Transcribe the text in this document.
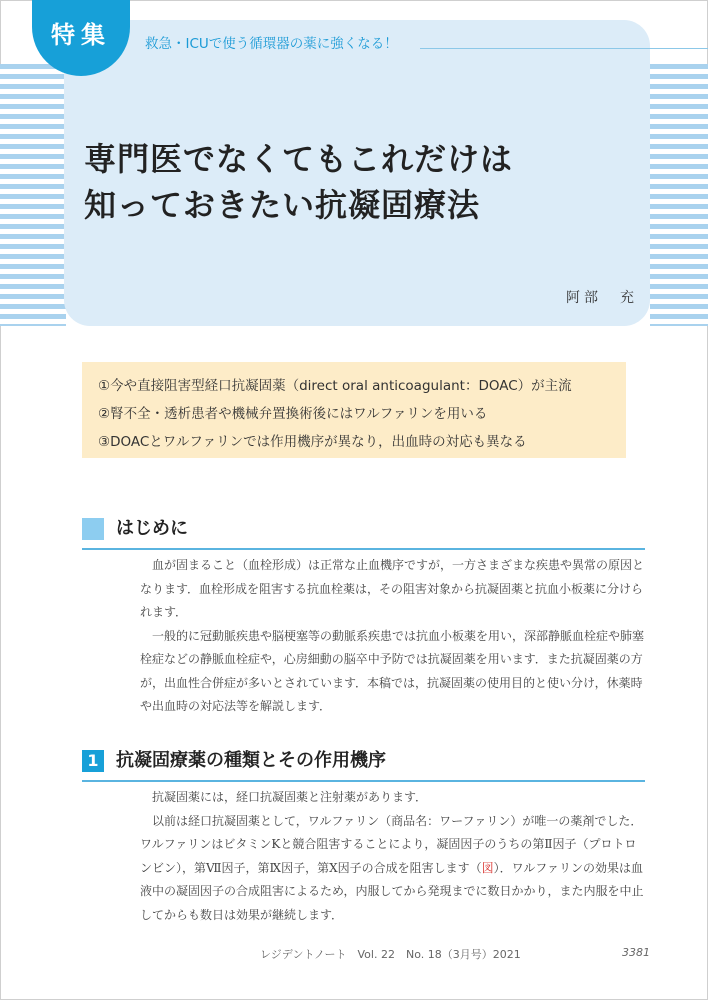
特集	救急・ICUで使う循環器の薬に強くなる！
専門医でなくてもこれだけは
知っておきたい抗凝固療法
阿部　充
①今や直接阻害型経口抗凝固薬（direct oral anticoagulant：DOAC）が主流
②腎不全・透析患者や機械弁置換術後にはワルファリンを用いる
③DOACとワルファリンでは作用機序が異なり，出血時の対応も異なる
はじめに

血が固まること（血栓形成）は正常な止血機序ですが，一方さまざまな疾患や異常の原因となります．血栓形成を阻害する抗血栓薬は，その阻害対象から抗凝固薬と抗血小板薬に分けられます．

一般的に冠動脈疾患や脳梗塞等の動脈系疾患では抗血小板薬を用い，深部静脈血栓症や肺塞栓症などの静脈血栓症や，心房細動の脳卒中予防では抗凝固薬を用います．また抗凝固薬の方が，出血性合併症が多いとされています．本稿では，抗凝固薬の使用目的と使い分け，休薬時や出血時の対応法等を解説します．

1 抗凝固療薬の種類とその作用機序

抗凝固薬には，経口抗凝固薬と注射薬があります．

以前は経口抗凝固薬として，ワルファリン（商品名：ワーファリン）が唯一の薬剤でした．ワルファリンはビタミンKと競合阻害することにより，凝固因子のうちの第Ⅱ因子（プロトロンビン），第Ⅶ因子，第Ⅸ因子，第Ⅹ因子の合成を阻害します（図）．ワルファリンの効果は血液中の凝固因子の合成阻害によるため，内服してから発現までに数日かかり，また内服を中止してからも数日は効果が継続します．

レジデントノート　Vol. 22　No. 18（3月号）2021	3381
